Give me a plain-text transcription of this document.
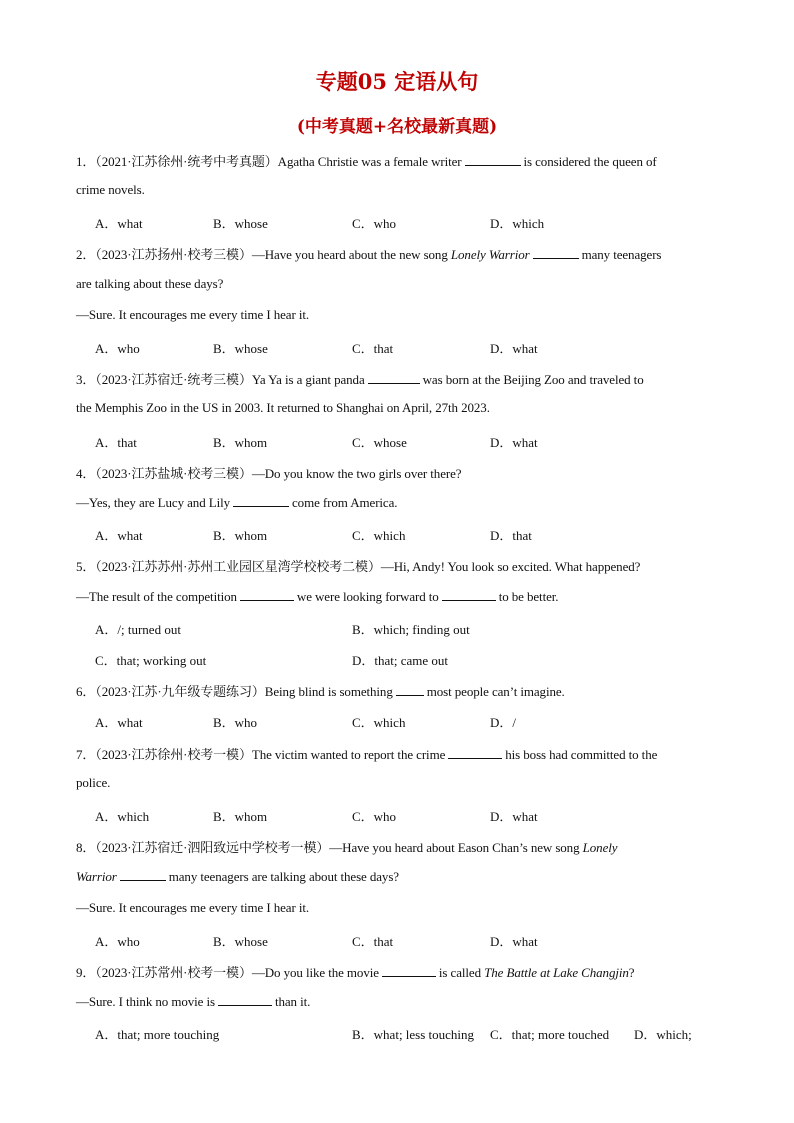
专题05 定语从句
(中考真题+名校最新真题)
1．（2021·江苏徐州·统考中考真题）Agatha Christie was a female writer	is considered the queen of
crime novels.
A．what	B．whose	C．who	D．which
2．（2023·江苏扬州·校考三模）—Have you heard about the new song Lonely Warrior	many teenagers
are talking about these days?
—Sure. It encourages me every time I hear it.
A．who	B．whose	C．that	D．what
3．（2023·江苏宿迁·统考三模）Ya Ya is a giant panda	was born at the Beijing Zoo and traveled to
the Memphis Zoo in the US in 2003. It returned to Shanghai on April, 27th 2023.
A．that	B．whom	C．whose	D．what
4．（2023·江苏盐城·校考三模）—Do you know the two girls over there?
—Yes, they are Lucy and Lily	come from America.
A．what	B．whom	C．which	D．that
5．（2023·江苏苏州·苏州工业园区星湾学校校考二模）—Hi, Andy! You look so excited. What happened?
—The result of the competition	we were looking forward to	to be better.
A．/; turned out	B．which; finding out
C．that; working out	D．that; came out
6．（2023·江苏·九年级专题练习）Being blind is something	most people can’t imagine.
A．what	B．who	C．which	D．/
7．（2023·江苏徐州·校考一模）The victim wanted to report the crime	his boss had committed to the
police.
A．which	B．whom	C．who	D．what
8．（2023·江苏宿迁·泗阳致远中学校考一模）—Have you heard about Eason Chan’s new song Lonely
Warrior	many teenagers are talking about these days?
—Sure. It encourages me every time I hear it.
A．who	B．whose	C．that	D．what
9．（2023·江苏常州·校考一模）—Do you like the movie	is called The Battle at Lake Changjin?
—Sure. I think no movie is	than it.
A．that; more touching	B．what; less touching C．that; more touched D．which;
